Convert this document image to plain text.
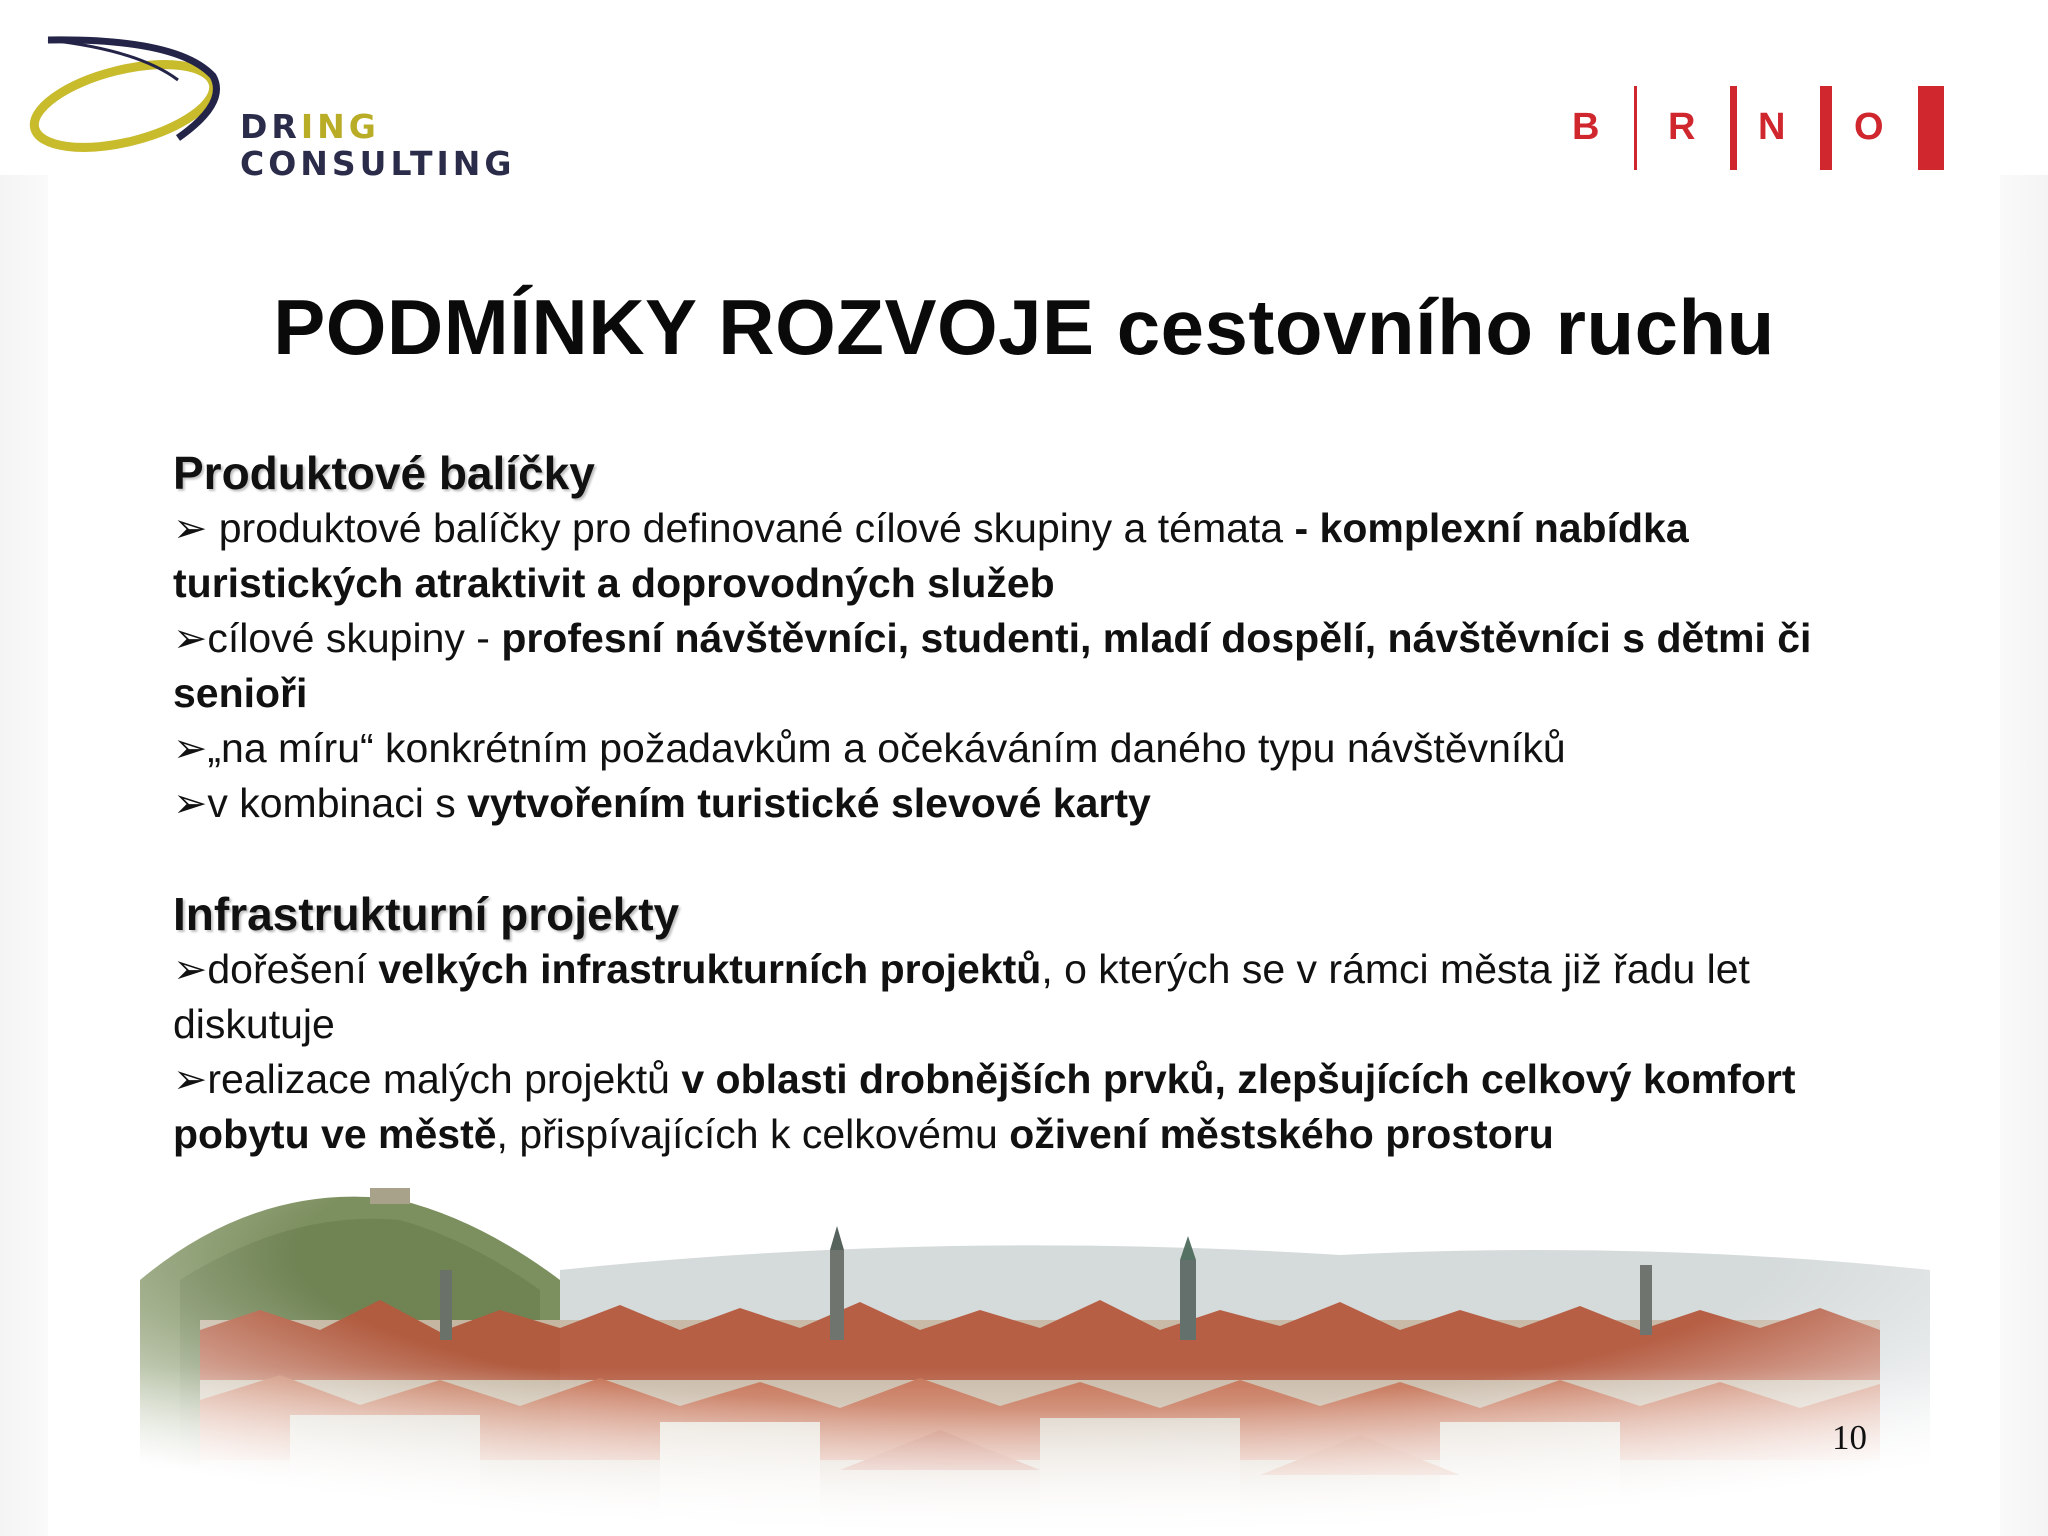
DRING
CONSULTING
B R N O
PODMÍNKY ROZVOJE cestovního ruchu
Produktové balíčky

➢ produktové balíčky pro definované cílové skupiny a témata - komplexní nabídka turistických atraktivit a doprovodných služeb

➢cílové skupiny - profesní návštěvníci, studenti, mladí dospělí, návštěvníci s dětmi či senioři

➢„na míru“ konkrétním požadavkům a očekáváním daného typu návštěvníků

➢v kombinaci s vytvořením turistické slevové karty

Infrastrukturní projekty

➢dořešení velkých infrastrukturních projektů, o kterých se v rámci města již řadu let diskutuje

➢realizace malých projektů v oblasti drobnějších prvků, zlepšujících celkový komfort pobytu ve městě, přispívajících k celkovému oživení městského prostoru

10
